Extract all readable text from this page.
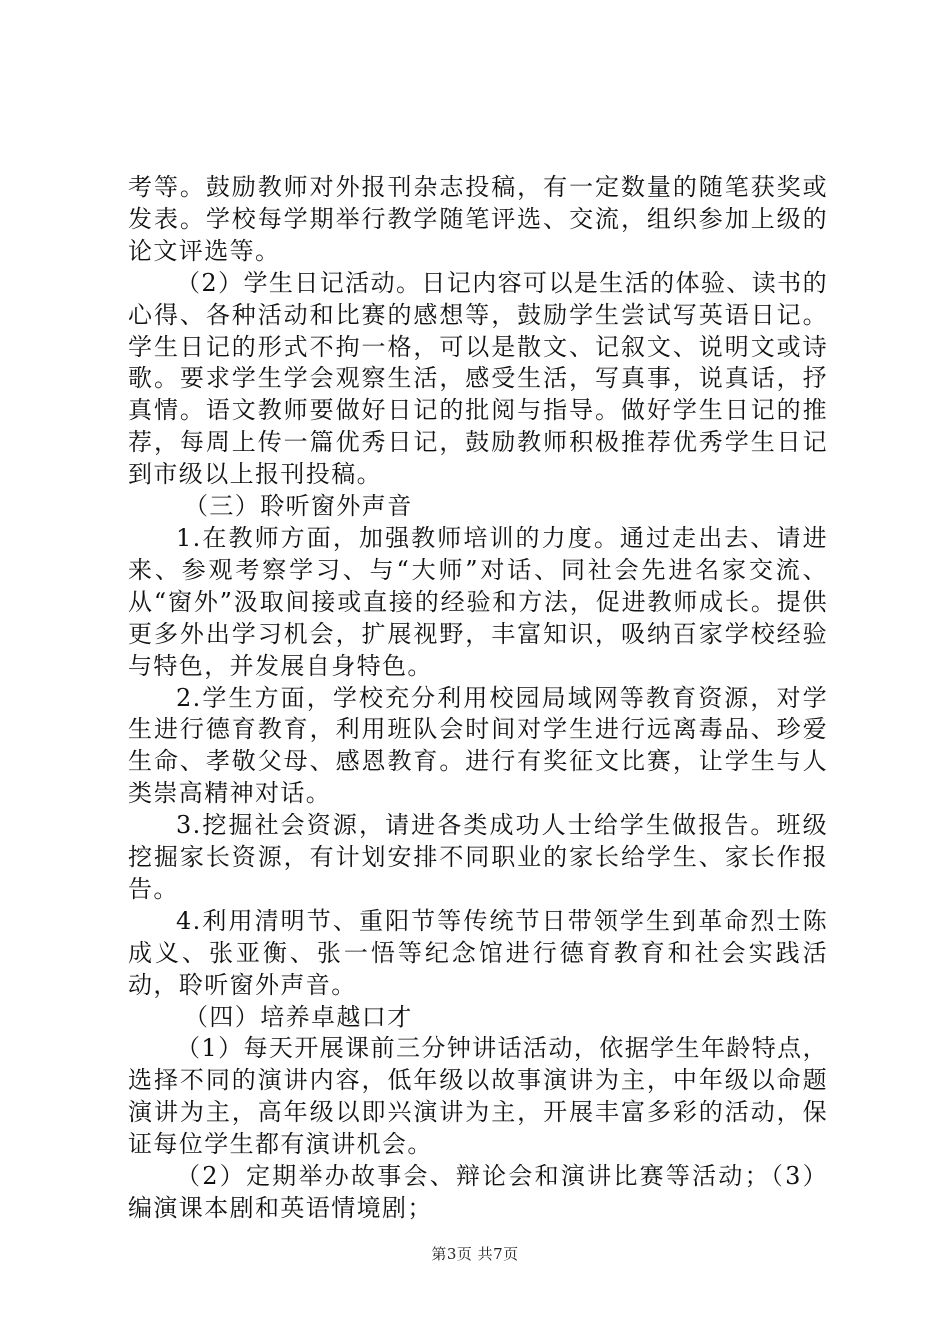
考等。鼓励教师对外报刊杂志投稿，有一定数量的随笔获奖或发表。学校每学期举行教学随笔评选、交流，组织参加上级的论文评选等。

（2）学生日记活动。日记内容可以是生活的体验、读书的心得、各种活动和比赛的感想等，鼓励学生尝试写英语日记。学生日记的形式不拘一格，可以是散文、记叙文、说明文或诗歌。要求学生学会观察生活，感受生活，写真事，说真话，抒真情。语文教师要做好日记的批阅与指导。做好学生日记的推荐，每周上传一篇优秀日记，鼓励教师积极推荐优秀学生日记到市级以上报刊投稿。

（三）聆听窗外声音

1.在教师方面，加强教师培训的力度。通过走出去、请进来、参观考察学习、与“大师”对话、同社会先进名家交流、从“窗外”汲取间接或直接的经验和方法，促进教师成长。提供更多外出学习机会，扩展视野，丰富知识，吸纳百家学校经验与特色，并发展自身特色。

2.学生方面，学校充分利用校园局域网等教育资源，对学生进行德育教育，利用班队会时间对学生进行远离毒品、珍爱生命、孝敬父母、感恩教育。进行有奖征文比赛，让学生与人类崇高精神对话。

3.挖掘社会资源，请进各类成功人士给学生做报告。班级挖掘家长资源，有计划安排不同职业的家长给学生、家长作报告。

4.利用清明节、重阳节等传统节日带领学生到革命烈士陈成义、张亚衡、张一悟等纪念馆进行德育教育和社会实践活动，聆听窗外声音。

（四）培养卓越口才

（1）每天开展课前三分钟讲话活动，依据学生年龄特点，选择不同的演讲内容，低年级以故事演讲为主，中年级以命题演讲为主，高年级以即兴演讲为主，开展丰富多彩的活动，保证每位学生都有演讲机会。

（2）定期举办故事会、辩论会和演讲比赛等活动；（3）编演课本剧和英语情境剧；

第3页 共7页
